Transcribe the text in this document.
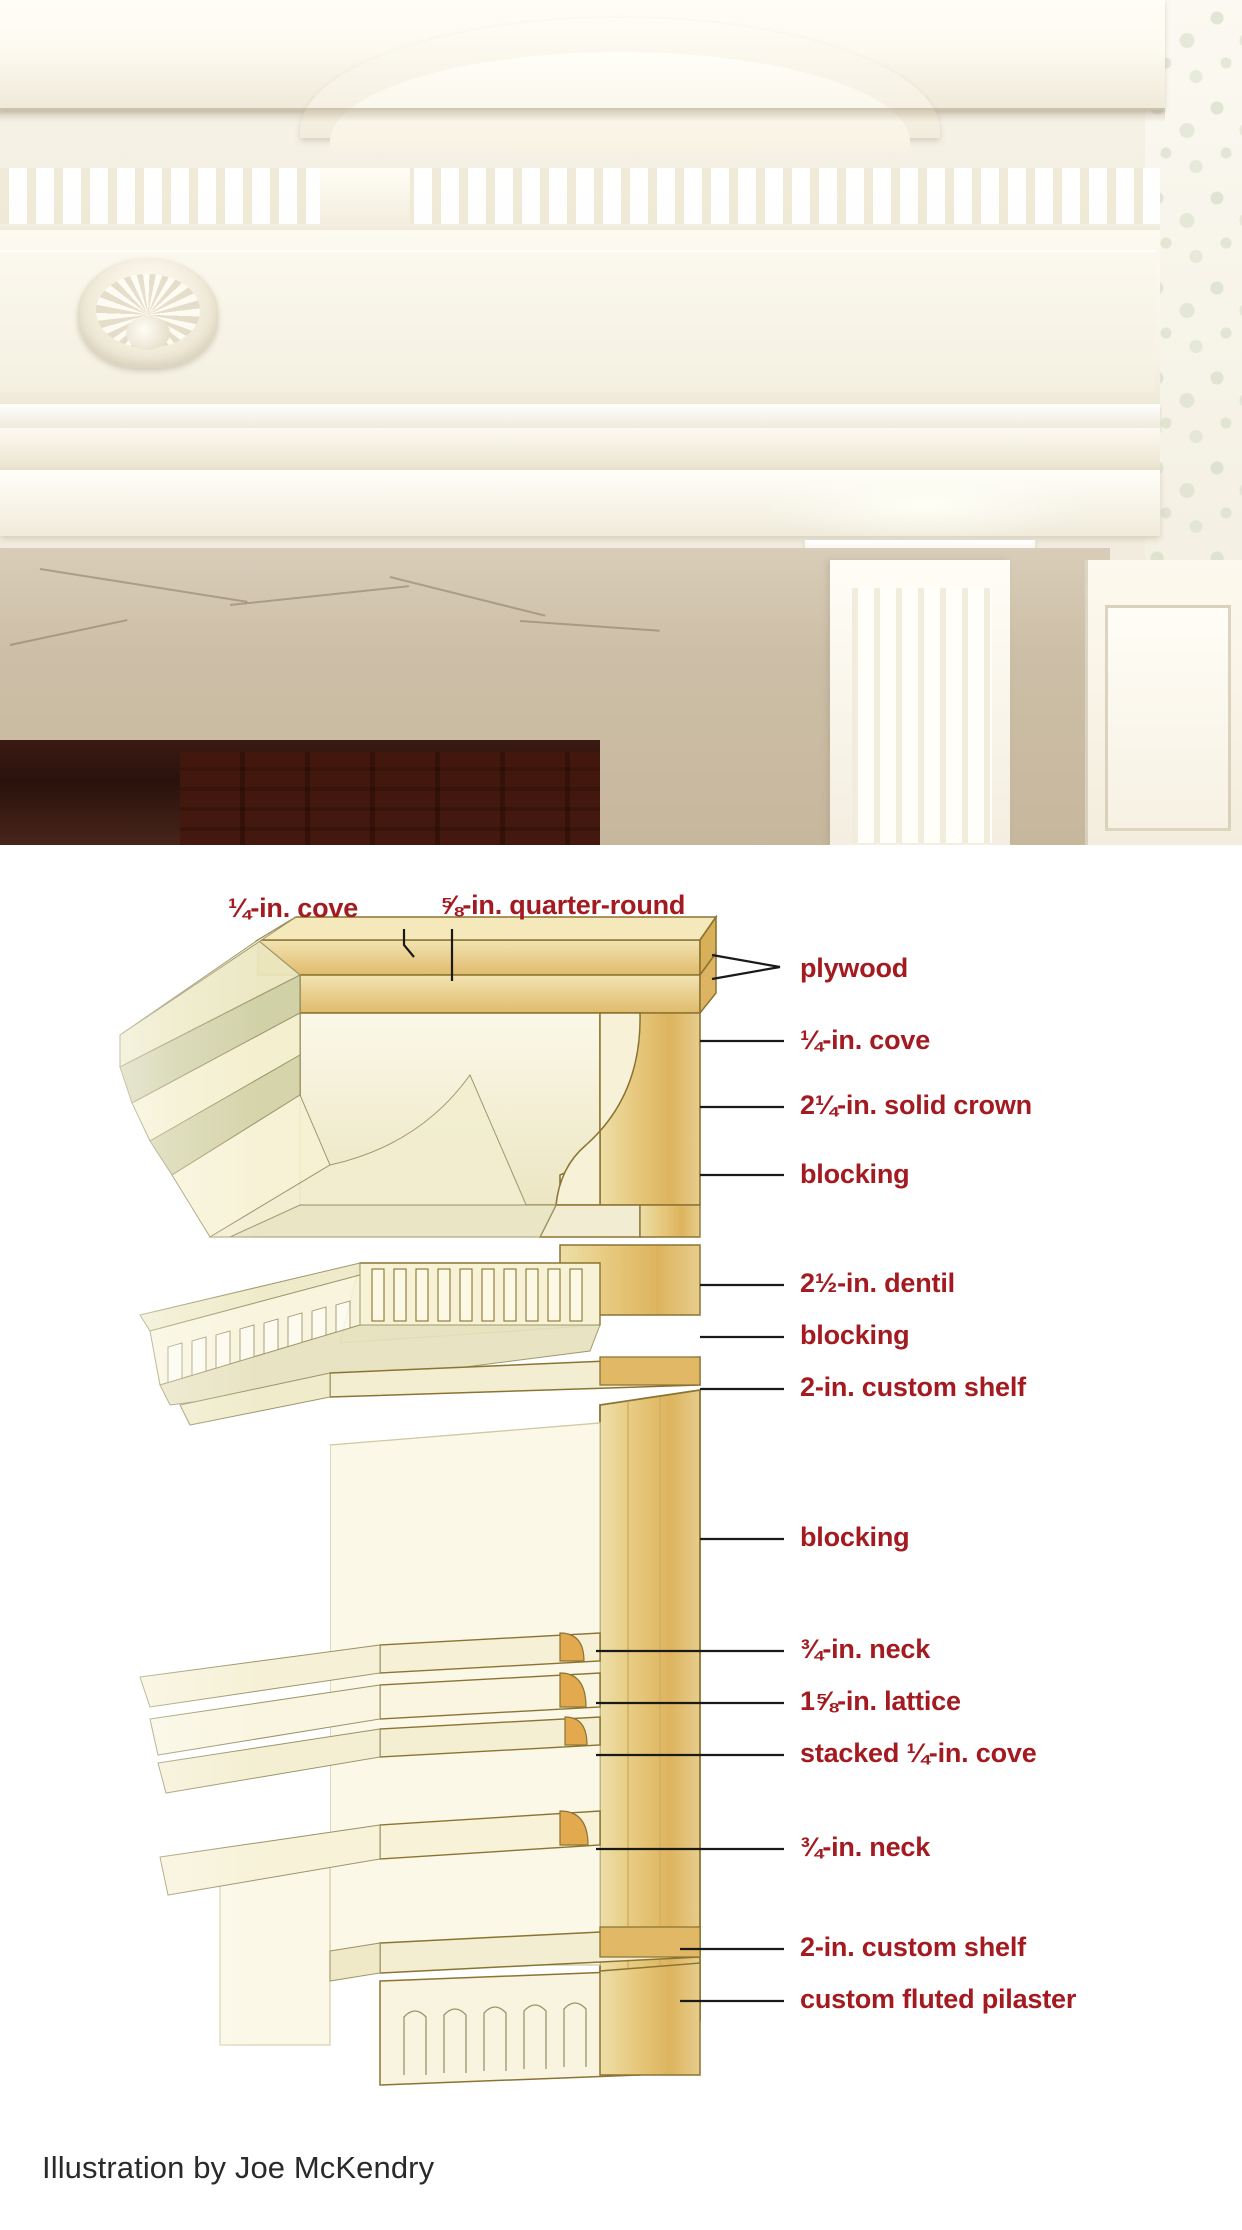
¼-in. cove	⅝-in. quarter-round
plywood
¼-in. cove
2¼-in. solid crown
blocking
2½-in. dentil
blocking
2-in. custom shelf
blocking
¾-in. neck
1⅝-in. lattice
stacked ¼-in. cove
¾-in. neck
2-in. custom shelf
custom fluted pilaster
Illustration by Joe McKendry
